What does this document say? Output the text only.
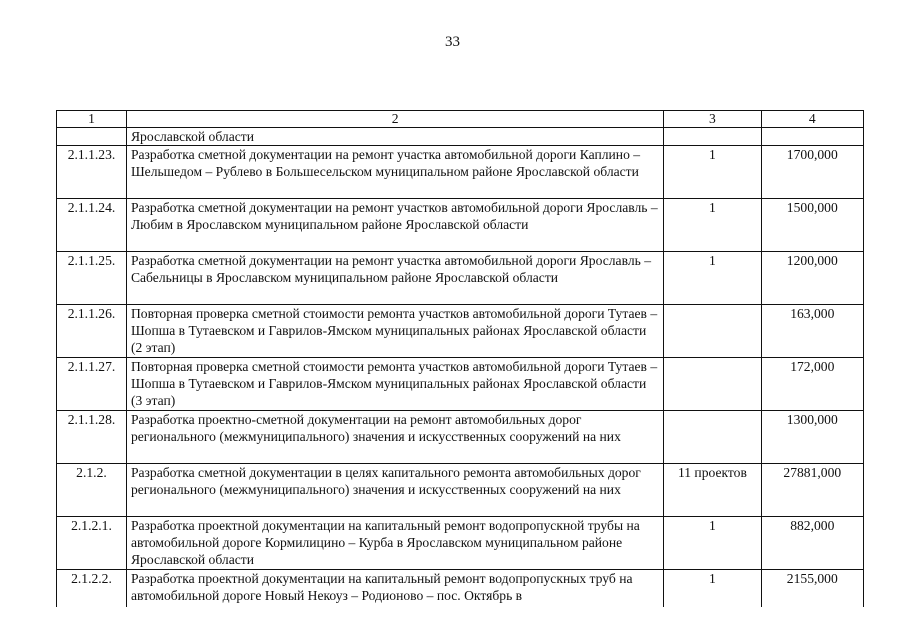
33
1	2	3	4
	Ярославской области		
2.1.1.23.	Разработка сметной документации на ремонт участка автомобильной дороги Каплино – Шельшедом – Рублево в Большесельском муниципальном районе Ярославской области	1	1700,000
2.1.1.24.	Разработка сметной документации на ремонт участков автомобильной дороги Ярославль – Любим в Ярославском муниципальном районе Ярославской области	1	1500,000
2.1.1.25.	Разработка сметной документации на ремонт участка автомобильной дороги Ярославль – Сабельницы в Ярославском муниципальном районе Ярославской области	1	1200,000
2.1.1.26.	Повторная проверка сметной стоимости ремонта участков автомобильной дороги Тутаев – Шопша в Тутаевском и Гаврилов-Ямском муниципальных районах Ярославской области (2 этап)		163,000
2.1.1.27.	Повторная проверка сметной стоимости ремонта участков автомобильной дороги Тутаев – Шопша в Тутаевском и Гаврилов-Ямском муниципальных районах Ярославской области (3 этап)		172,000
2.1.1.28.	Разработка проектно-сметной документации на ремонт автомобильных дорог регионального (межмуниципального) значения и искусственных сооружений на них		1300,000
2.1.2.	Разработка сметной документации в целях капитального ремонта автомобильных дорог регионального (межмуниципального) значения и искусственных сооружений на них	11 проектов	27881,000
2.1.2.1.	Разработка проектной документации на капитальный ремонт водопропускной трубы на автомобильной дороге Кормилицино – Курба в Ярославском муниципальном районе Ярославской области	1	882,000
2.1.2.2.	Разработка проектной документации на капитальный ремонт водопропускных труб на автомобильной дороге Новый Некоуз – Родионово – пос. Октябрь в	1	2155,000
